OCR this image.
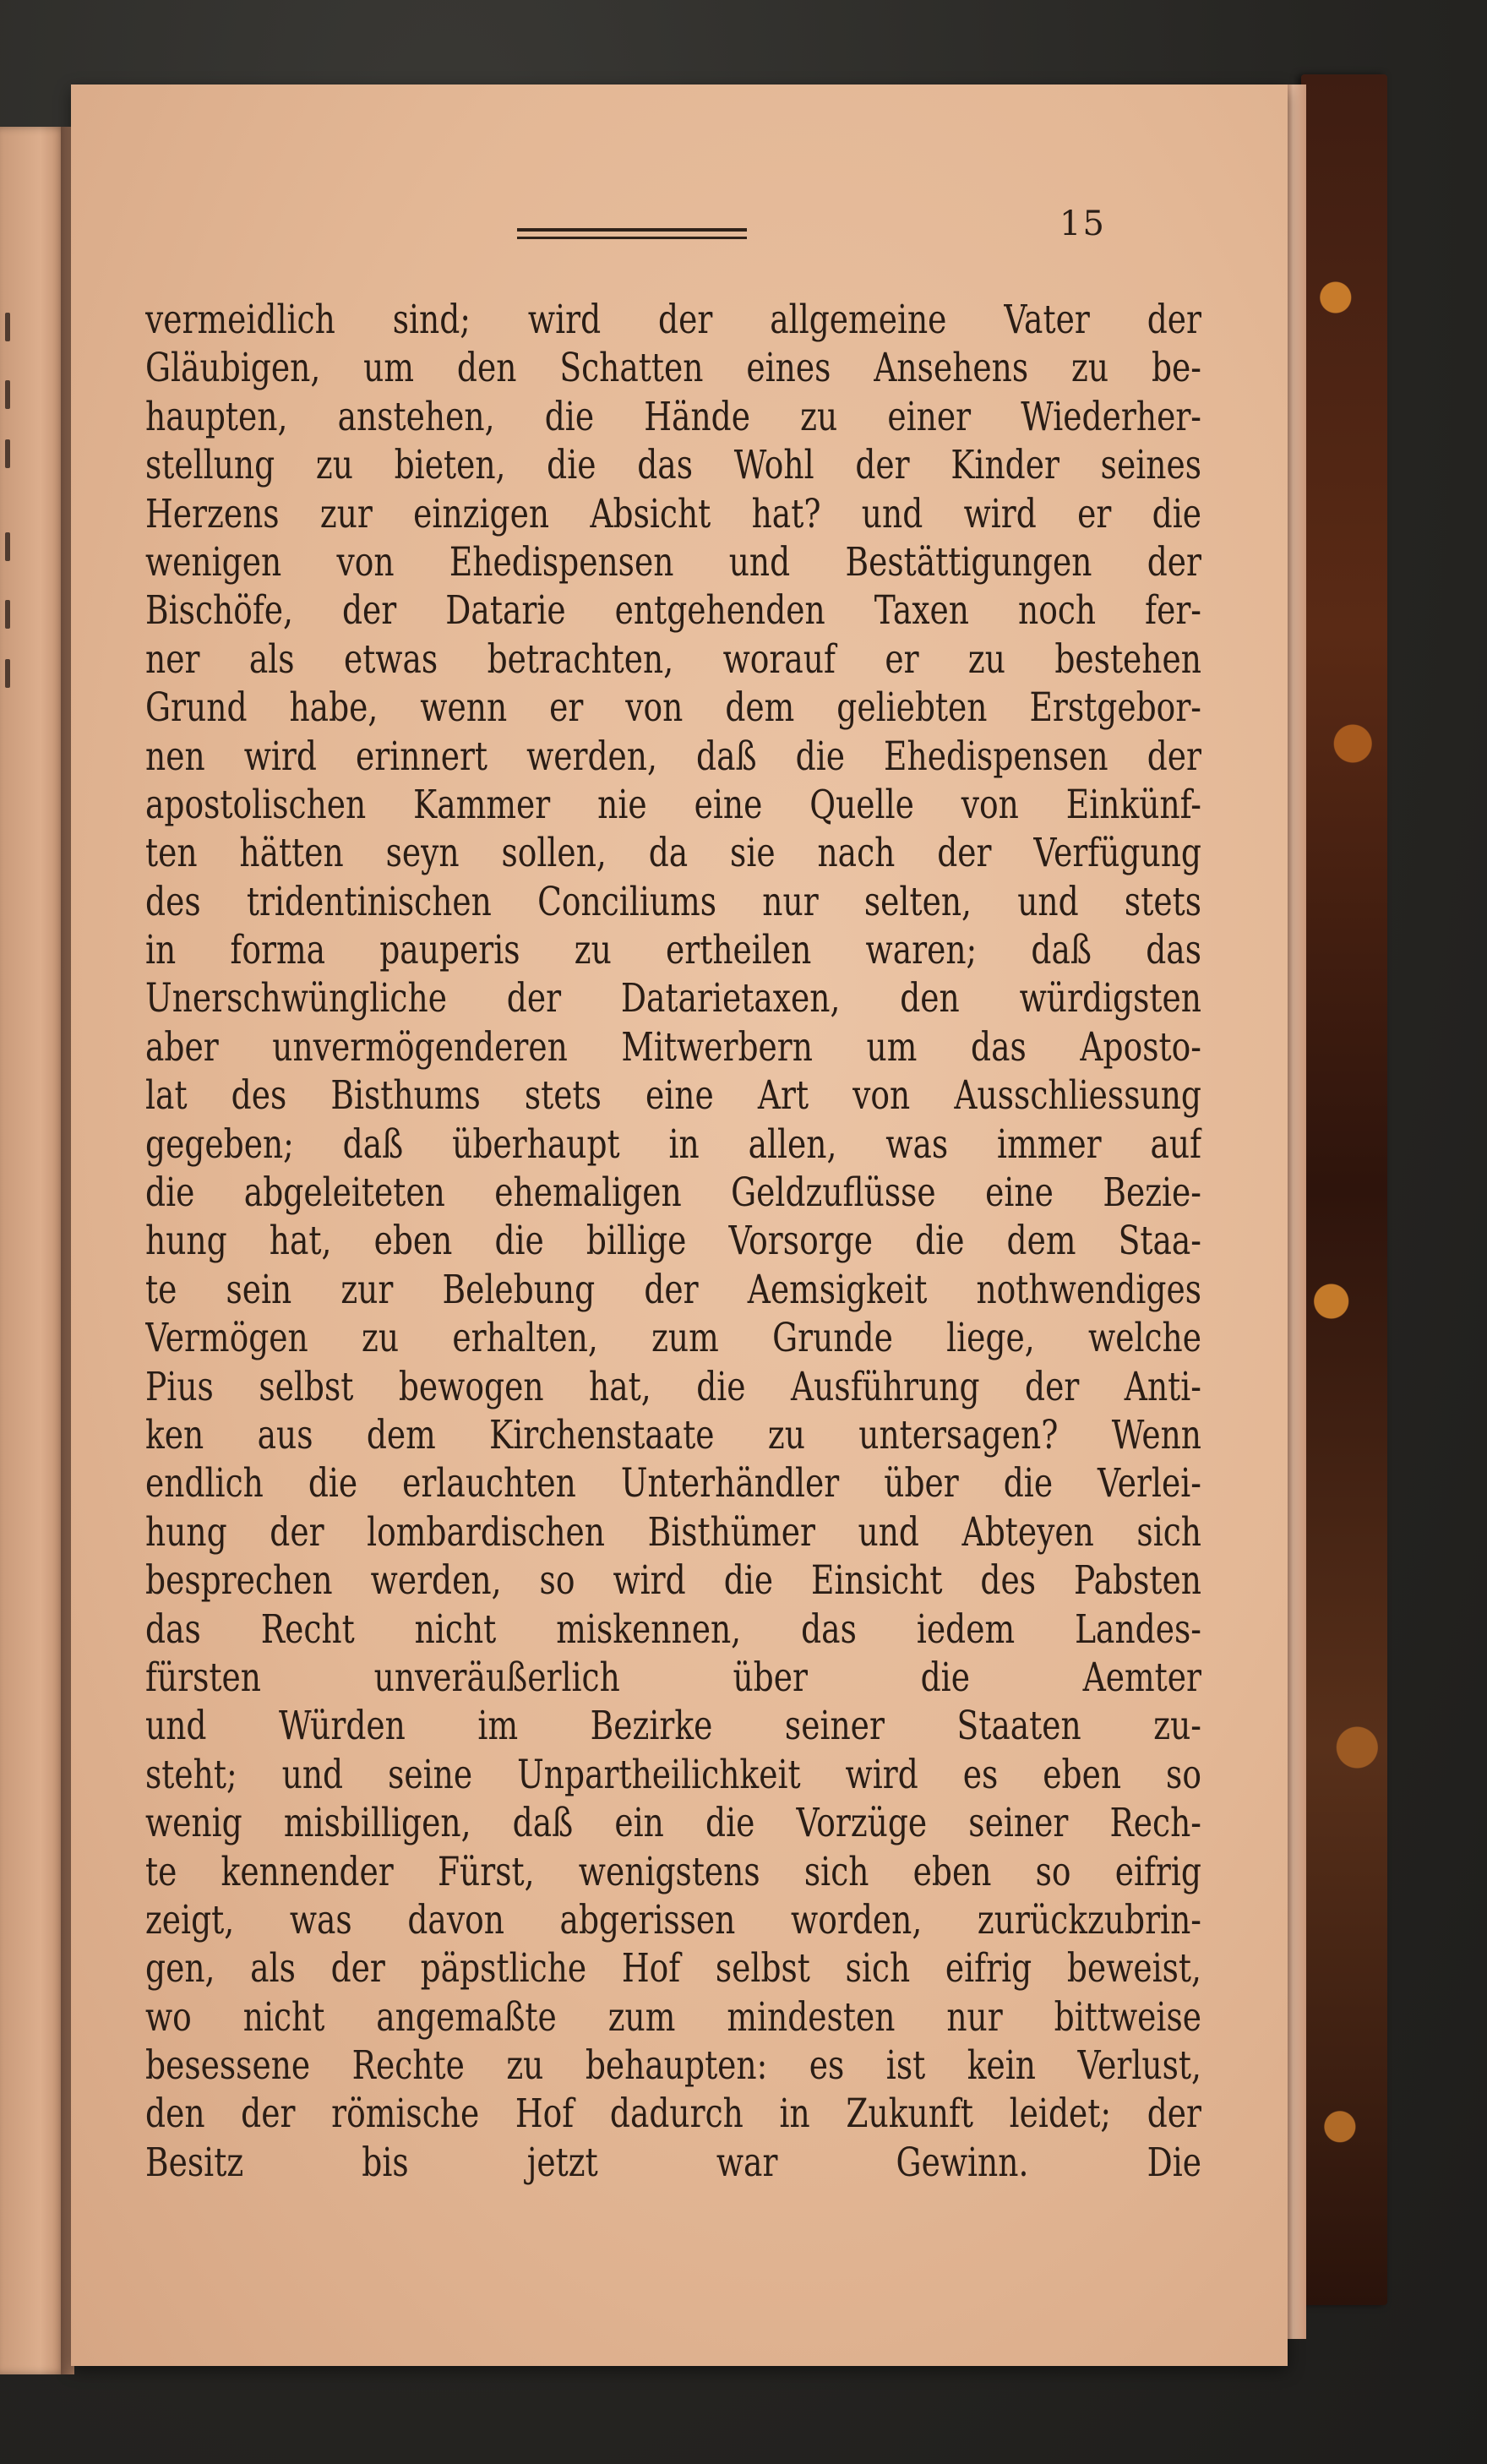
15
vermeidlich sind; wird der allgemeine Vater der
Gläubigen, um den Schatten eines Ansehens zu be-
haupten, anstehen, die Hände zu einer Wiederher-
stellung zu bieten, die das Wohl der Kinder seines
Herzens zur einzigen Absicht hat? und wird er die
wenigen von Ehedispensen und Bestättigungen der
Bischöfe, der Datarie entgehenden Taxen noch fer-
ner als etwas betrachten, worauf er zu bestehen
Grund habe, wenn er von dem geliebten Erstgebor-
nen wird erinnert werden, daß die Ehedispensen der
apostolischen Kammer nie eine Quelle von Einkünf-
ten hätten seyn sollen, da sie nach der Verfügung
des tridentinischen Conciliums nur selten, und stets
in forma pauperis zu ertheilen waren; daß das
Unerschwüngliche der Datarietaxen, den würdigsten
aber unvermögenderen Mitwerbern um das Aposto-
lat des Bisthums stets eine Art von Ausschliessung
gegeben; daß überhaupt in allen, was immer auf
die abgeleiteten ehemaligen Geldzuflüsse eine Bezie-
hung hat, eben die billige Vorsorge die dem Staa-
te sein zur Belebung der Aemsigkeit nothwendiges
Vermögen zu erhalten, zum Grunde liege, welche
Pius selbst bewogen hat, die Ausführung der Anti-
ken aus dem Kirchenstaate zu untersagen? Wenn
endlich die erlauchten Unterhändler über die Verlei-
hung der lombardischen Bisthümer und Abteyen sich
besprechen werden, so wird die Einsicht des Pabsten
das Recht nicht miskennen, das iedem Landes-
fürsten unveräußerlich über die Aemter
und Würden im Bezirke seiner Staaten zu-
steht; und seine Unpartheilichkeit wird es eben so
wenig misbilligen, daß ein die Vorzüge seiner Rech-
te kennender Fürst, wenigstens sich eben so eifrig
zeigt, was davon abgerissen worden, zurückzubrin-
gen, als der päpstliche Hof selbst sich eifrig beweist,
wo nicht angemaßte zum mindesten nur bittweise
besessene Rechte zu behaupten: es ist kein Verlust,
den der römische Hof dadurch in Zukunft leidet; der
Besitz bis jetzt war Gewinn. Die
